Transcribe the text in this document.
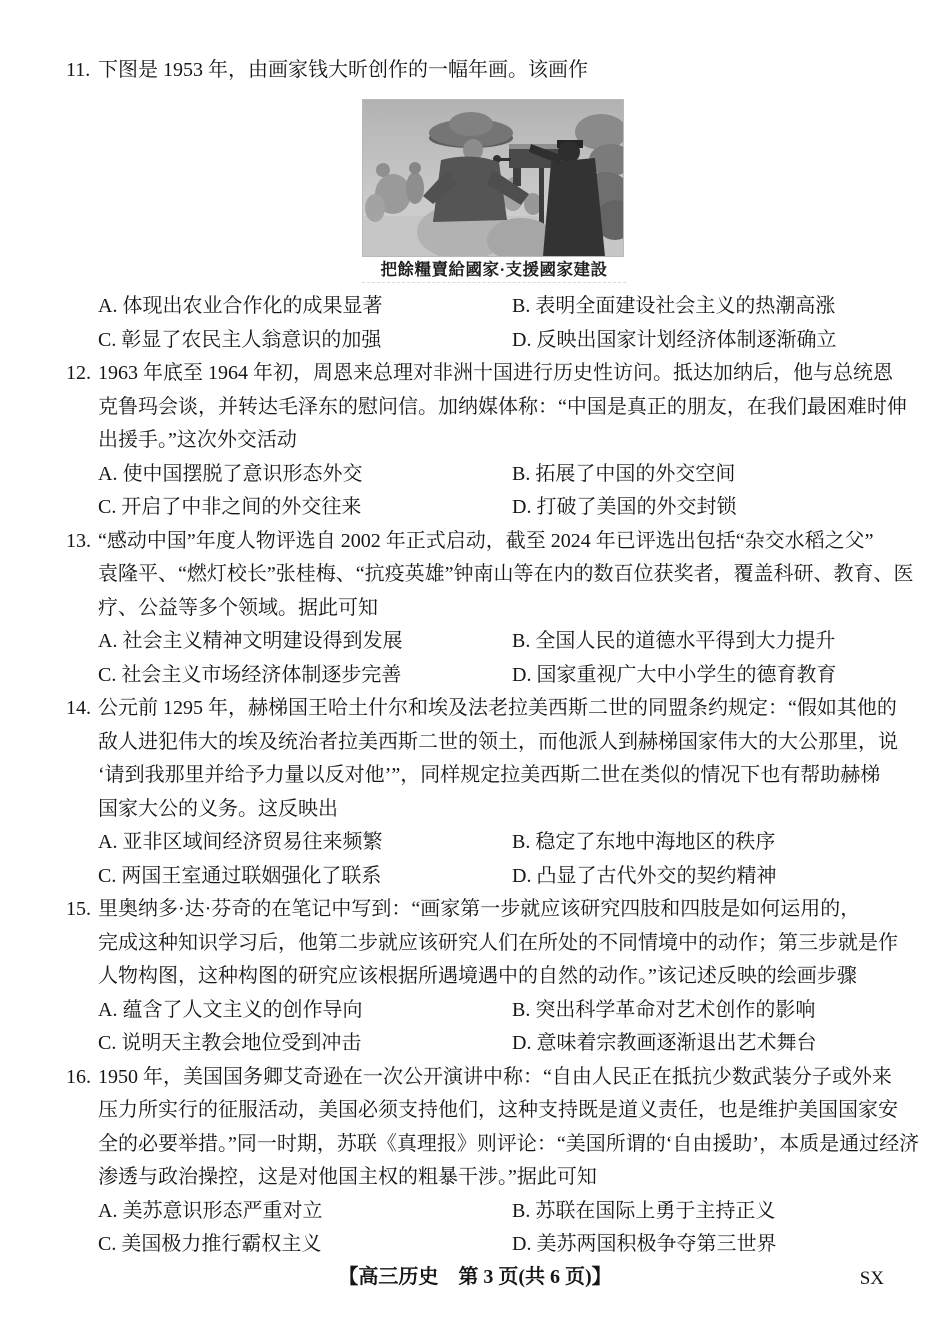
11. 下图是 1953 年，由画家钱大昕创作的一幅年画。该画作
把餘糧賣給國家·支援國家建設
A. 体现出农业合作化的成果显著	B. 表明全面建设社会主义的热潮高涨
C. 彰显了农民主人翁意识的加强	D. 反映出国家计划经济体制逐渐确立
12. 1963 年底至 1964 年初，周恩来总理对非洲十国进行历史性访问。抵达加纳后，他与总统恩
克鲁玛会谈，并转达毛泽东的慰问信。加纳媒体称：“中国是真正的朋友，在我们最困难时伸
出援手。”这次外交活动
A. 使中国摆脱了意识形态外交	B. 拓展了中国的外交空间
C. 开启了中非之间的外交往来	D. 打破了美国的外交封锁
13. “感动中国”年度人物评选自 2002 年正式启动，截至 2024 年已评选出包括“杂交水稻之父”
袁隆平、“燃灯校长”张桂梅、“抗疫英雄”钟南山等在内的数百位获奖者，覆盖科研、教育、医
疗、公益等多个领域。据此可知
A. 社会主义精神文明建设得到发展	B. 全国人民的道德水平得到大力提升
C. 社会主义市场经济体制逐步完善	D. 国家重视广大中小学生的德育教育
14. 公元前 1295 年，赫梯国王哈土什尔和埃及法老拉美西斯二世的同盟条约规定：“假如其他的
敌人进犯伟大的埃及统治者拉美西斯二世的领土，而他派人到赫梯国家伟大的大公那里，说
‘请到我那里并给予力量以反对他’”，同样规定拉美西斯二世在类似的情况下也有帮助赫梯
国家大公的义务。这反映出
A. 亚非区域间经济贸易往来频繁	B. 稳定了东地中海地区的秩序
C. 两国王室通过联姻强化了联系	D. 凸显了古代外交的契约精神
15. 里奥纳多·达·芬奇的在笔记中写到：“画家第一步就应该研究四肢和四肢是如何运用的，
完成这种知识学习后，他第二步就应该研究人们在所处的不同情境中的动作；第三步就是作
人物构图，这种构图的研究应该根据所遇境遇中的自然的动作。”该记述反映的绘画步骤
A. 蕴含了人文主义的创作导向	B. 突出科学革命对艺术创作的影响
C. 说明天主教会地位受到冲击	D. 意味着宗教画逐渐退出艺术舞台
16. 1950 年，美国国务卿艾奇逊在一次公开演讲中称：“自由人民正在抵抗少数武装分子或外来
压力所实行的征服活动，美国必须支持他们，这种支持既是道义责任，也是维护美国国家安
全的必要举措。”同一时期，苏联《真理报》则评论：“美国所谓的‘自由援助’，本质是通过经济
渗透与政治操控，这是对他国主权的粗暴干涉。”据此可知
A. 美苏意识形态严重对立	B. 苏联在国际上勇于主持正义
C. 美国极力推行霸权主义	D. 美苏两国积极争夺第三世界
【高三历史　第 3 页(共 6 页)】	SX
